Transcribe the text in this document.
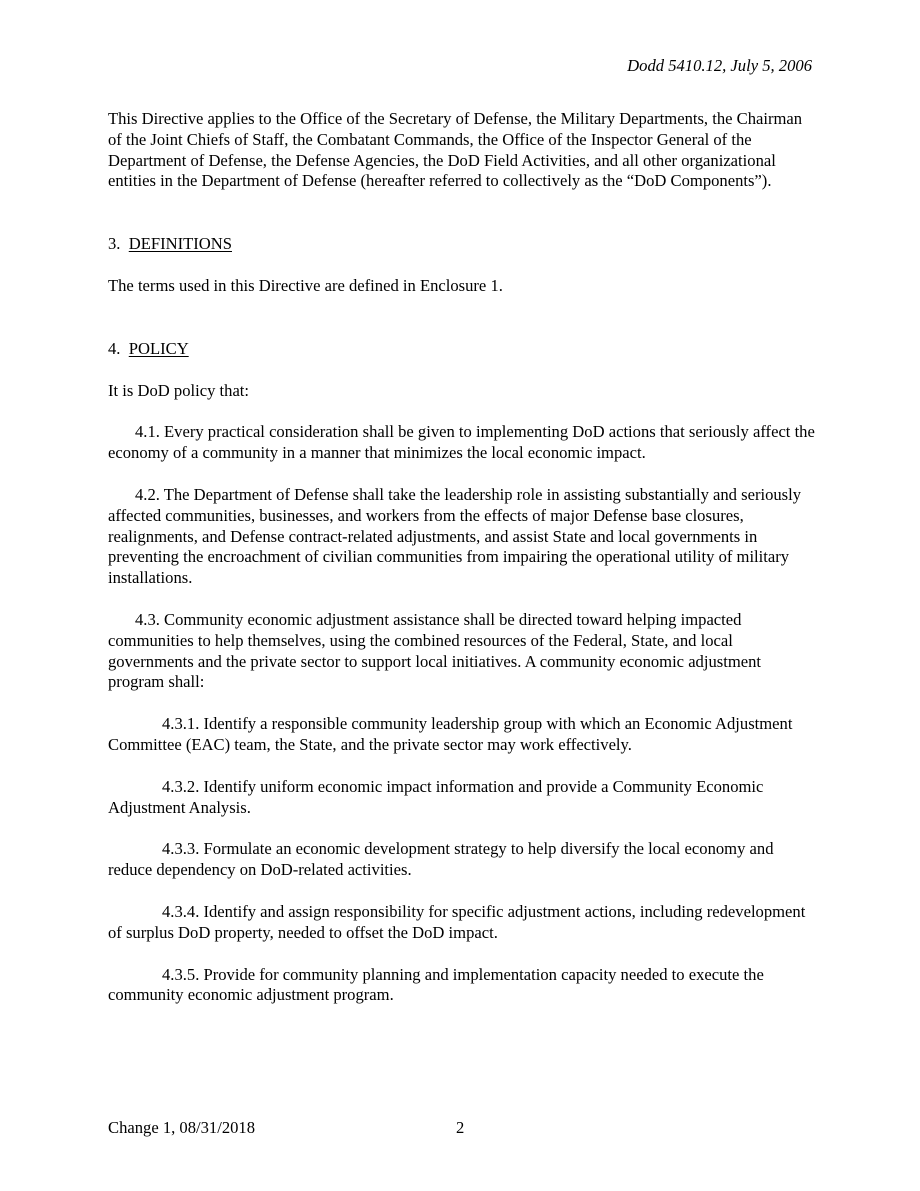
Dodd 5410.12, July 5, 2006

This Directive applies to the Office of the Secretary of Defense, the Military Departments, the Chairman of the Joint Chiefs of Staff, the Combatant Commands, the Office of the Inspector General of the Department of Defense, the Defense Agencies, the DoD Field Activities, and all other organizational entities in the Department of Defense (hereafter referred to collectively as the “DoD Components”).

3. DEFINITIONS

The terms used in this Directive are defined in Enclosure 1.

4. POLICY

It is DoD policy that:

4.1. Every practical consideration shall be given to implementing DoD actions that seriously affect the economy of a community in a manner that minimizes the local economic impact.

4.2. The Department of Defense shall take the leadership role in assisting substantially and seriously affected communities, businesses, and workers from the effects of major Defense base closures, realignments, and Defense contract-related adjustments, and assist State and local governments in preventing the encroachment of civilian communities from impairing the operational utility of military installations.

4.3. Community economic adjustment assistance shall be directed toward helping impacted communities to help themselves, using the combined resources of the Federal, State, and local governments and the private sector to support local initiatives. A community economic adjustment program shall:

4.3.1. Identify a responsible community leadership group with which an Economic Adjustment Committee (EAC) team, the State, and the private sector may work effectively.

4.3.2. Identify uniform economic impact information and provide a Community Economic Adjustment Analysis.

4.3.3. Formulate an economic development strategy to help diversify the local economy and reduce dependency on DoD-related activities.

4.3.4. Identify and assign responsibility for specific adjustment actions, including redevelopment of surplus DoD property, needed to offset the DoD impact.

4.3.5. Provide for community planning and implementation capacity needed to execute the community economic adjustment program.

Change 1, 08/31/2018	2
